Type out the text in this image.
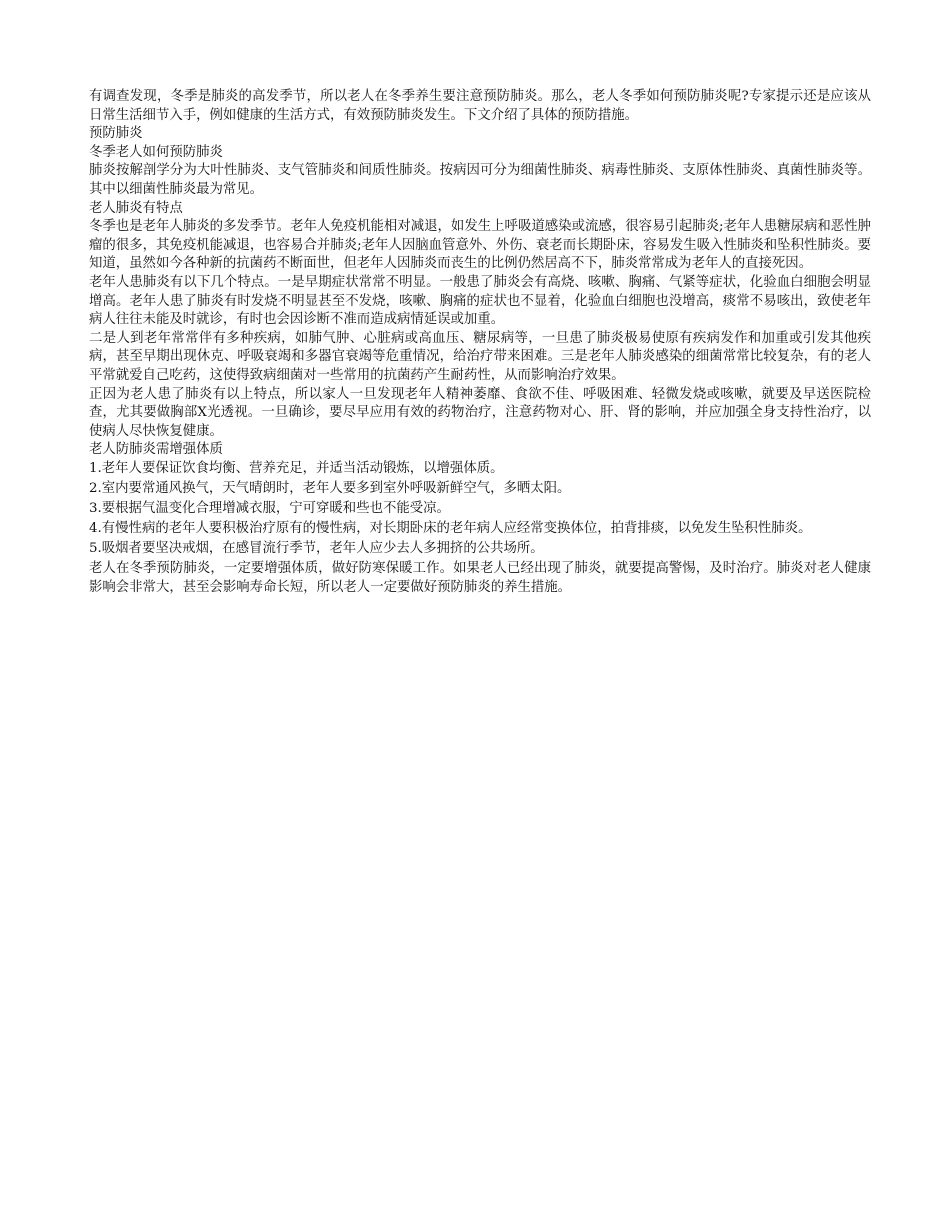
有调查发现，冬季是肺炎的高发季节，所以老人在冬季养生要注意预防肺炎。那么，老人冬季如何预防肺炎呢?专家提示还是应该从日常生活细节入手，例如健康的生活方式，有效预防肺炎发生。下文介绍了具体的预防措施。

预防肺炎

冬季老人如何预防肺炎

肺炎按解剖学分为大叶性肺炎、支气管肺炎和间质性肺炎。按病因可分为细菌性肺炎、病毒性肺炎、支原体性肺炎、真菌性肺炎等。其中以细菌性肺炎最为常见。

老人肺炎有特点

冬季也是老年人肺炎的多发季节。老年人免疫机能相对减退，如发生上呼吸道感染或流感，很容易引起肺炎;老年人患糖尿病和恶性肿瘤的很多，其免疫机能减退，也容易合并肺炎;老年人因脑血管意外、外伤、衰老而长期卧床，容易发生吸入性肺炎和坠积性肺炎。要知道，虽然如今各种新的抗菌药不断面世，但老年人因肺炎而丧生的比例仍然居高不下，肺炎常常成为老年人的直接死因。

老年人患肺炎有以下几个特点。一是早期症状常常不明显。一般患了肺炎会有高烧、咳嗽、胸痛、气紧等症状，化验血白细胞会明显增高。老年人患了肺炎有时发烧不明显甚至不发烧，咳嗽、胸痛的症状也不显着，化验血白细胞也没增高，痰常不易咳出，致使老年病人往往未能及时就诊，有时也会因诊断不准而造成病情延误或加重。

二是人到老年常常伴有多种疾病，如肺气肿、心脏病或高血压、糖尿病等，一旦患了肺炎极易使原有疾病发作和加重或引发其他疾病，甚至早期出现休克、呼吸衰竭和多器官衰竭等危重情况，给治疗带来困难。三是老年人肺炎感染的细菌常常比较复杂，有的老人平常就爱自己吃药，这使得致病细菌对一些常用的抗菌药产生耐药性，从而影响治疗效果。

正因为老人患了肺炎有以上特点，所以家人一旦发现老年人精神萎靡、食欲不佳、呼吸困难、轻微发烧或咳嗽，就要及早送医院检查，尤其要做胸部X光透视。一旦确诊，要尽早应用有效的药物治疗，注意药物对心、肝、肾的影响，并应加强全身支持性治疗，以使病人尽快恢复健康。

老人防肺炎需增强体质

1.老年人要保证饮食均衡、营养充足，并适当活动锻炼，以增强体质。

2.室内要常通风换气，天气晴朗时，老年人要多到室外呼吸新鲜空气，多晒太阳。

3.要根据气温变化合理增减衣服，宁可穿暖和些也不能受凉。

4.有慢性病的老年人要积极治疗原有的慢性病，对长期卧床的老年病人应经常变换体位，拍背排痰，以免发生坠积性肺炎。

5.吸烟者要坚决戒烟，在感冒流行季节，老年人应少去人多拥挤的公共场所。

老人在冬季预防肺炎，一定要增强体质，做好防寒保暖工作。如果老人已经出现了肺炎，就要提高警惕，及时治疗。肺炎对老人健康影响会非常大，甚至会影响寿命长短，所以老人一定要做好预防肺炎的养生措施。
